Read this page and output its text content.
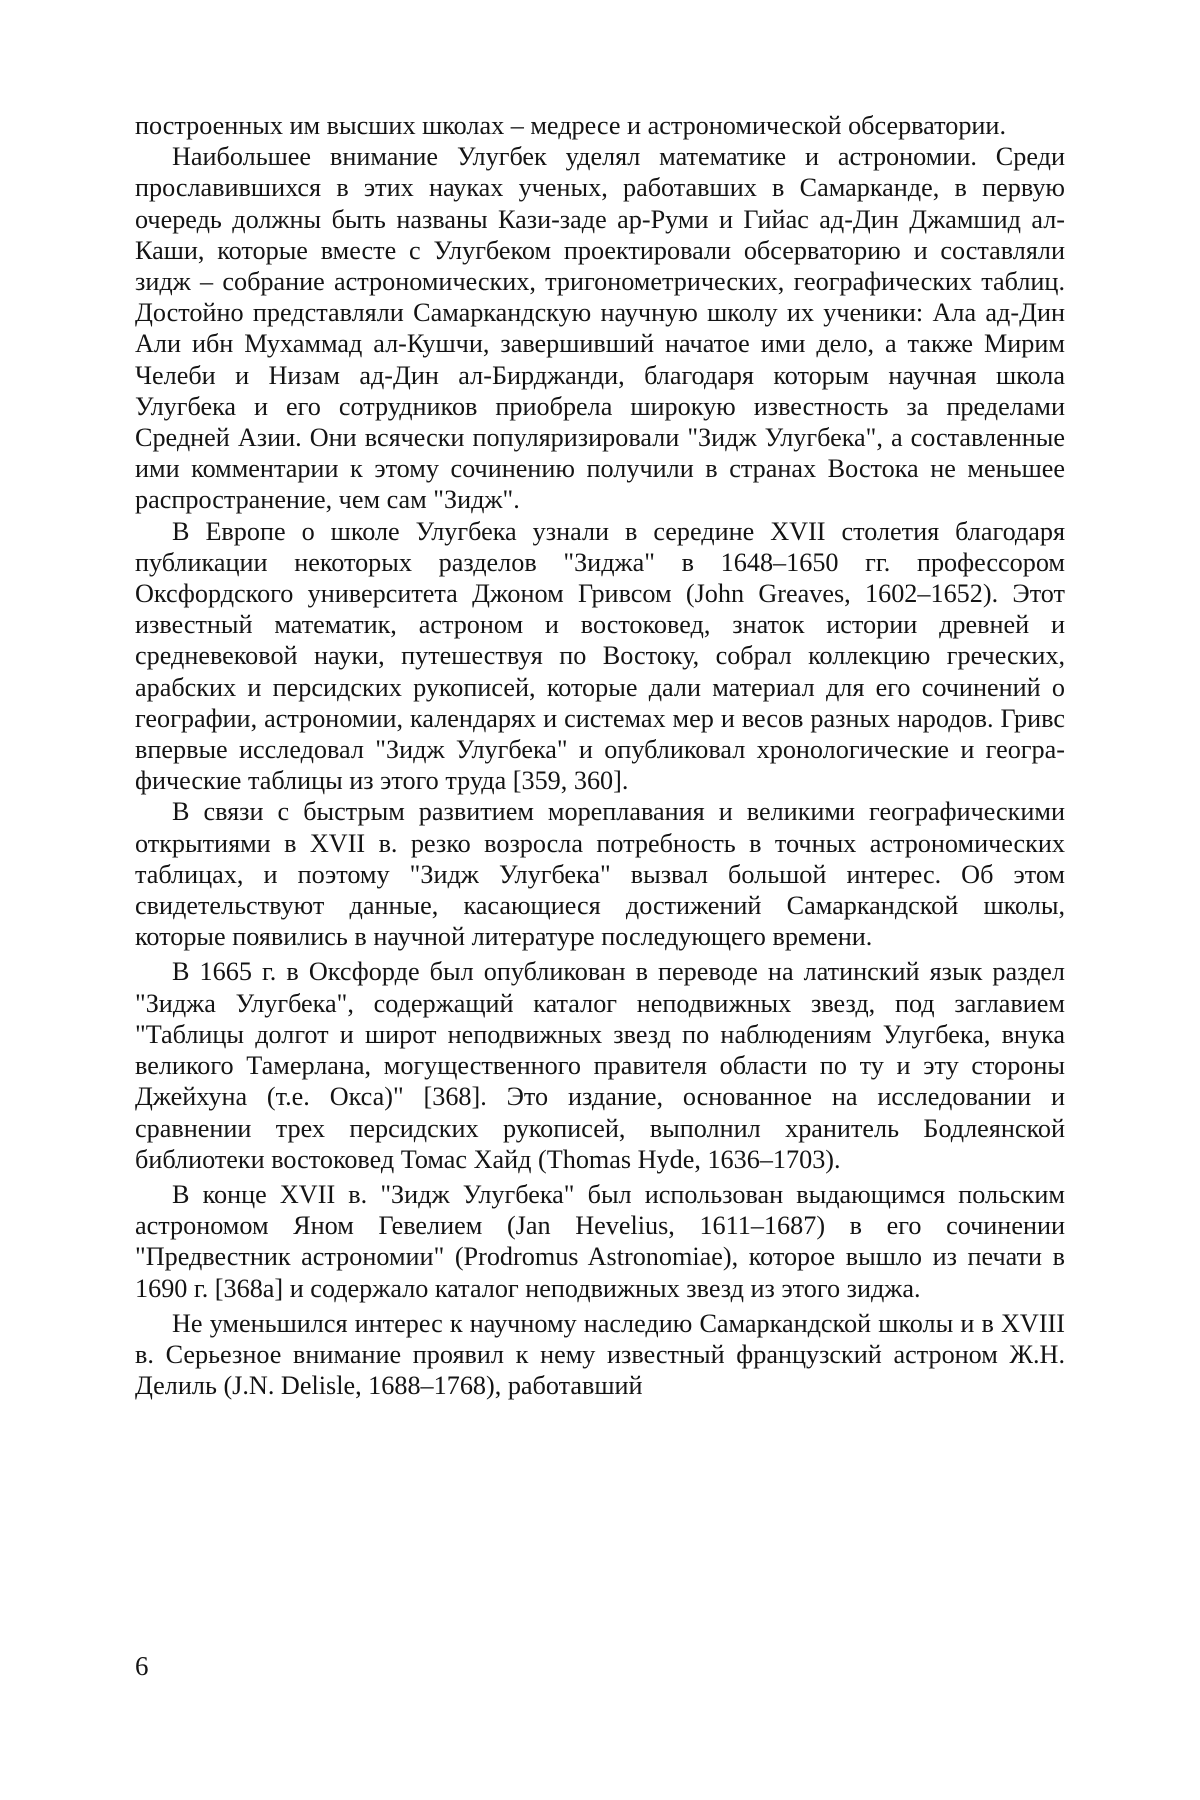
построенных им высших школах – медресе и астрономической обсерватории.

Наибольшее внимание Улугбек уделял математике и астрономии. Среди прославившихся в этих науках ученых, работавших в Самарканде, в первую очередь должны быть названы Кази-заде ар-Руми и Гийас ад-Дин Джамшид ал-Каши, которые вместе с Улугбеком проектировали обсерваторию и составляли зидж – собрание астрономических, тригонометрических, географических таблиц. Достойно представляли Самаркандскую научную школу их ученики: Ала ад-Дин Али ибн Мухаммад ал-Кушчи, завершивший начатое ими дело, а также Мирим Челеби и Низам ад-Дин ал-Бирджанди, благодаря которым научная школа Улугбека и его сотрудников приобрела широкую известность за пределами Средней Азии. Они всячески популяризировали "Зидж Улугбека", а составленные ими комментарии к этому сочинению получили в странах Востока не меньшее распространение, чем сам "Зидж".

В Европе о школе Улугбека узнали в середине XVII столетия благодаря публикации некоторых разделов "Зиджа" в 1648–1650 гг. профессором Оксфордского университета Джоном Гривсом (John Greaves, 1602–1652). Этот известный математик, астроном и востоковед, знаток истории древней и средневековой науки, путешествуя по Востоку, собрал коллекцию греческих, арабских и персидских рукописей, которые дали материал для его сочинений о географии, астрономии, календарях и системах мер и весов разных народов. Гривс впервые исследовал "Зидж Улугбека" и опубликовал хронологические и географические таблицы из этого труда [359, 360].

В связи с быстрым развитием мореплавания и великими географическими открытиями в XVII в. резко возросла потребность в точных астрономических таблицах, и поэтому "Зидж Улугбека" вызвал большой интерес. Об этом свидетельствуют данные, касающиеся достижений Самаркандской школы, которые появились в научной литературе последующего времени.

В 1665 г. в Оксфорде был опубликован в переводе на латинский язык раздел "Зиджа Улугбека", содержащий каталог неподвижных звезд, под заглавием "Таблицы долгот и широт неподвижных звезд по наблюдениям Улугбека, внука великого Тамерлана, могущественного правителя области по ту и эту стороны Джейхуна (т.е. Окса)" [368]. Это издание, основанное на исследовании и сравнении трех персидских рукописей, выполнил хранитель Бодлеянской библиотеки востоковед Томас Хайд (Thomas Hyde, 1636–1703).

В конце XVII в. "Зидж Улугбека" был использован выдающимся польским астрономом Яном Гевелием (Jan Hevelius, 1611–1687) в его сочинении "Предвестник астрономии" (Prodromus Astronomiae), которое вышло из печати в 1690 г. [368а] и содержало каталог неподвижных звезд из этого зиджа.

Не уменьшился интерес к научному наследию Самаркандской школы и в XVIII в. Серьезное внимание проявил к нему известный французский астроном Ж.Н. Делиль (J.N. Delisle, 1688–1768), работавший

6
